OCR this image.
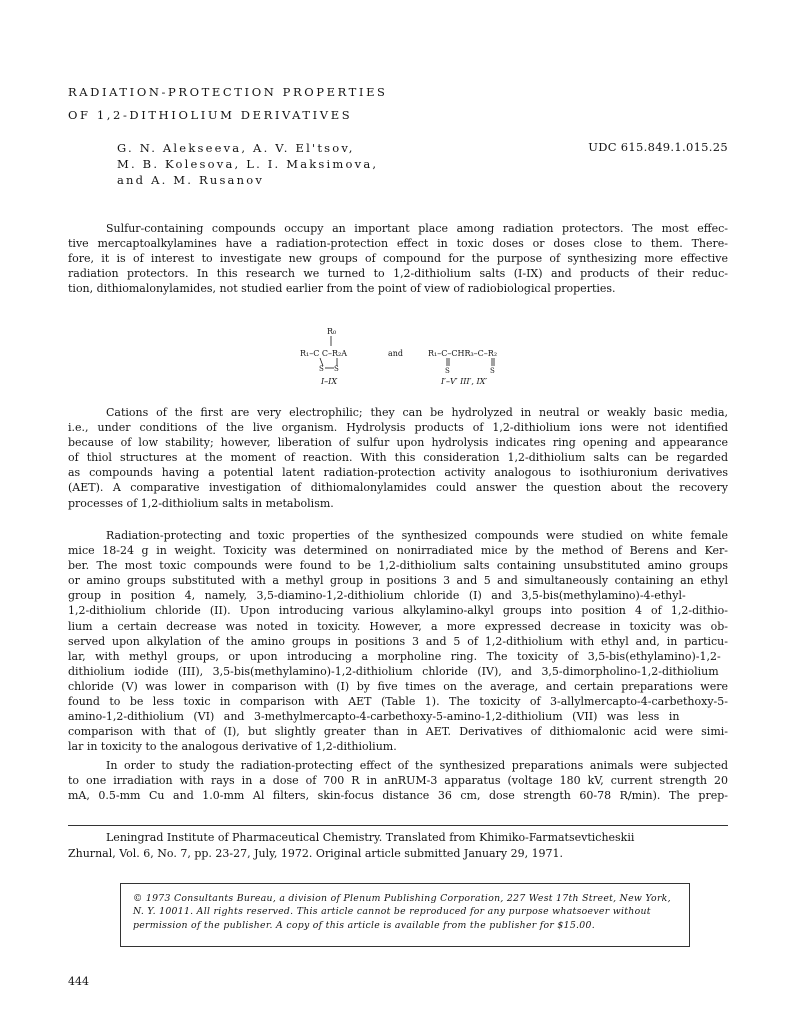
RADIATION-PROTECTION PROPERTIES
OF 1,2-DITHIOLIUM DERIVATIVES
G. N. Alekseeva, A. V. El'tsov,
M. B. Kolesova, L. I. Maksimova,
and A. M. Rusanov
UDC 615.849.1.015.25
Sulfur-containing compounds occupy an important place among radiation protectors. The most effec-
tive mercaptoalkylamines have a radiation-protection effect in toxic doses or doses close to them. There-
fore, it is of interest to investigate new groups of compound for the purpose of synthesizing more effective
radiation protectors. In this research we turned to 1,2-dithiolium salts (I-IX) and products of their reduc-
tion, dithiomalonylamides, not studied earlier from the point of view of radiobiological properties.
R₀
R₁–C C–R₂A
S S
I–IX
and	R₁–C–CHR₃–C–R₂
S	S
I′–V′ III′, IX′
Cations of the first are very electrophilic; they can be hydrolyzed in neutral or weakly basic media,
i.e., under conditions of the live organism. Hydrolysis products of 1,2-dithiolium ions were not identified
because of low stability; however, liberation of sulfur upon hydrolysis indicates ring opening and appearance
of thiol structures at the moment of reaction. With this consideration 1,2-dithiolium salts can be regarded
as compounds having a potential latent radiation-protection activity analogous to isothiuronium derivatives
(AET). A comparative investigation of dithiomalonylamides could answer the question about the recovery
processes of 1,2-dithiolium salts in metabolism.
Radiation-protecting and toxic properties of the synthesized compounds were studied on white female
mice 18-24 g in weight. Toxicity was determined on nonirradiated mice by the method of Berens and Ker-
ber. The most toxic compounds were found to be 1,2-dithiolium salts containing unsubstituted amino groups
or amino groups substituted with a methyl group in positions 3 and 5 and simultaneously containing an ethyl
group in position 4, namely, 3,5-diamino-1,2-dithiolium chloride (I) and 3,5-bis(methylamino)-4-ethyl-
1,2-dithiolium chloride (II). Upon introducing various alkylamino-alkyl groups into position 4 of 1,2-dithio-
lium a certain decrease was noted in toxicity. However, a more expressed decrease in toxicity was ob-
served upon alkylation of the amino groups in positions 3 and 5 of 1,2-dithiolium with ethyl and, in particu-
lar, with methyl groups, or upon introducing a morpholine ring. The toxicity of 3,5-bis(ethylamino)-1,2-
dithiolium iodide (III), 3,5-bis(methylamino)-1,2-dithiolium chloride (IV), and 3,5-dimorpholino-1,2-dithiolium
chloride (V) was lower in comparison with (I) by five times on the average, and certain preparations were
found to be less toxic in comparison with AET (Table 1). The toxicity of 3-allylmercapto-4-carbethoxy-5-
amino-1,2-dithiolium (VI) and 3-methylmercapto-4-carbethoxy-5-amino-1,2-dithiolium (VII) was less in
comparison with that of (I), but slightly greater than in AET. Derivatives of dithiomalonic acid were simi-
lar in toxicity to the analogous derivative of 1,2-dithiolium.
In order to study the radiation-protecting effect of the synthesized preparations animals were subjected
to one irradiation with rays in a dose of 700 R in anRUM-3 apparatus (voltage 180 kV, current strength 20
mA, 0.5-mm Cu and 1.0-mm Al filters, skin-focus distance 36 cm, dose strength 60-78 R/min). The prep-
Leningrad Institute of Pharmaceutical Chemistry. Translated from Khimiko-Farmatsevticheskii
Zhurnal, Vol. 6, No. 7, pp. 23-27, July, 1972. Original article submitted January 29, 1971.
© 1973 Consultants Bureau, a division of Plenum Publishing Corporation, 227 West 17th Street, New York,
N. Y. 10011. All rights reserved. This article cannot be reproduced for any purpose whatsoever without
permission of the publisher. A copy of this article is available from the publisher for $15.00.
444
